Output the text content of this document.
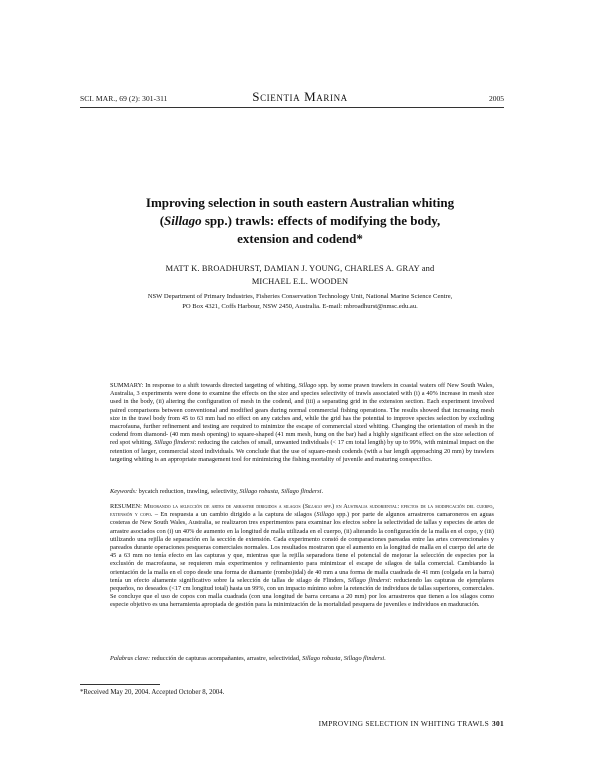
SCI. MAR., 69 (2): 301-311	Scientia Marina	2005
Improving selection in south eastern Australian whiting
(Sillago spp.) trawls: effects of modifying the body,
extension and codend*
MATT K. BROADHURST, DAMIAN J. YOUNG, CHARLES A. GRAY and
MICHAEL E.L. WOODEN
NSW Department of Primary Industries, Fisheries Conservation Technology Unit, National Marine Science Centre,
PO Box 4321, Coffs Harbour, NSW 2450, Australia. E-mail: mbroadhurst@nmsc.edu.au.
SUMMARY: In response to a shift towards directed targeting of whiting, Sillago spp. by some prawn trawlers in coastal waters off New South Wales, Australia, 3 experiments were done to examine the effects on the size and species selectivity of trawls associated with (i) a 40% increase in mesh size used in the body, (ii) altering the configuration of mesh in the codend, and (iii) a separating grid in the extension section. Each experiment involved paired comparisons between conventional and modified gears during normal commercial fishing operations. The results showed that increasing mesh size in the trawl body from 45 to 63 mm had no effect on any catches and, while the grid has the potential to improve species selection by excluding macrofauna, further refinement and testing are required to minimize the escape of commercial sized whiting. Changing the orientation of mesh in the codend from diamond- (40 mm mesh opening) to square-shaped (41 mm mesh, hung on the bar) had a highly significant effect on the size selection of red spot whiting, Sillago flindersi: reducing the catches of small, unwanted individuals (< 17 cm total length) by up to 99%, with minimal impact on the retention of larger, commercial sized individuals. We conclude that the use of square-mesh codends (with a bar length approaching 20 mm) by trawlers targeting whiting is an appropriate management tool for minimizing the fishing mortality of juvenile and maturing conspecifics.
Keywords: bycatch reduction, trawling, selectivity, Sillago robusta, Sillago flindersi.
RESUMEN: Mejorando la selección de artes de arrastre dirigidos a silagos (Sillago spp.) en Australia sudoriental: efectos de la modificación del cuerpo, extensión y copo. – En respuesta a un cambio dirigido a la captura de silagos (Sillago spp.) por parte de algunos arrastreros camaroneros en aguas costeras de New South Wales, Australia, se realizaron tres experimentos para examinar los efectos sobre la selectividad de tallas y especies de artes de arrastre asociados con (i) un 40% de aumento en la longitud de malla utilizada en el cuerpo, (ii) alterando la configuración de la malla en el copo, y (iii) utilizando una rejilla de separación en la sección de extensión. Cada experimento constó de comparaciones pareadas entre las artes convencionales y pareados durante operaciones pesqueras comerciales normales. Los resultados mostraron que el aumento en la longitud de malla en el cuerpo del arte de 45 a 63 mm no tenía efecto en las capturas y que, mientras que la rejilla separadora tiene el potencial de mejorar la selección de especies por la exclusión de macrofauna, se requieren más experimentos y refinamiento para minimizar el escape de silagos de talla comercial. Cambiando la orientación de la malla en el copo desde una forma de diamante (rombo)idal) de 40 mm a una forma de malla cuadrada de 41 mm (colgada en la barra) tenía un efecto altamente significativo sobre la selección de tallas de silago de Flinders, Sillago flindersi: reduciendo las capturas de ejemplares pequeños, no deseados (<17 cm longitud total) hasta un 99%, con un impacto mínimo sobre la retención de individuos de tallas superiores, comerciales. Se concluye que el uso de copos con malla cuadrada (con una longitud de barra cercana a 20 mm) por los arrastreros que tienen a los silagos como especie objetivo es una herramienta apropiada de gestión para la minimización de la mortalidad pesquera de juveniles e individuos en maduración.
Palabras clave: reducción de capturas acompañantes, arrastre, selectividad, Sillago robusta, Sillago flindersi.
*Received May 20, 2004. Accepted October 8, 2004.
IMPROVING SELECTION IN WHITING TRAWLS 301
